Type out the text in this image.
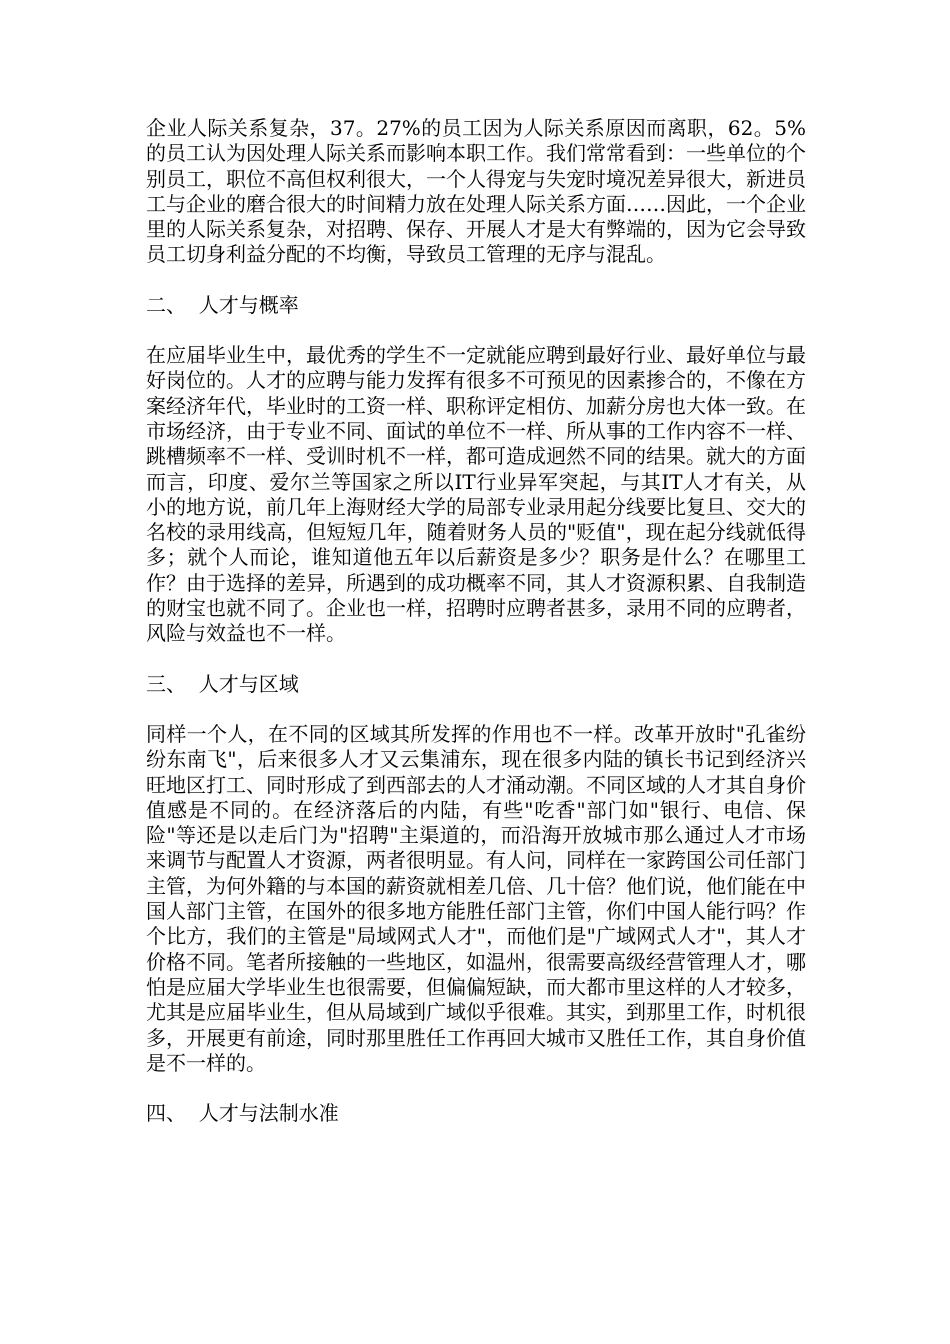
企业人际关系复杂，37。27%的员工因为人际关系原因而离职，62。5%的员工认为因处理人际关系而影响本职工作。我们常常看到：一些单位的个别员工，职位不高但权利很大，一个人得宠与失宠时境况差异很大，新进员工与企业的磨合很大的时间精力放在处理人际关系方面……因此，一个企业里的人际关系复杂，对招聘、保存、开展人才是大有弊端的，因为它会导致员工切身利益分配的不均衡，导致员工管理的无序与混乱。

二、  人才与概率

在应届毕业生中，最优秀的学生不一定就能应聘到最好行业、最好单位与最好岗位的。人才的应聘与能力发挥有很多不可预见的因素掺合的，不像在方案经济年代，毕业时的工资一样、职称评定相仿、加薪分房也大体一致。在市场经济，由于专业不同、面试的单位不一样、所从事的工作内容不一样、跳槽频率不一样、受训时机不一样，都可造成迥然不同的结果。就大的方面而言，印度、爱尔兰等国家之所以IT行业异军突起，与其IT人才有关，从小的地方说，前几年上海财经大学的局部专业录用起分线要比复旦、交大的名校的录用线高，但短短几年，随着财务人员的"贬值"，现在起分线就低得多；就个人而论，谁知道他五年以后薪资是多少？职务是什么？在哪里工作？由于选择的差异，所遇到的成功概率不同，其人才资源积累、自我制造的财宝也就不同了。企业也一样，招聘时应聘者甚多，录用不同的应聘者，风险与效益也不一样。

三、  人才与区域

同样一个人，在不同的区域其所发挥的作用也不一样。改革开放时"孔雀纷纷东南飞"，后来很多人才又云集浦东，现在很多内陆的镇长书记到经济兴旺地区打工、同时形成了到西部去的人才涌动潮。不同区域的人才其自身价值感是不同的。在经济落后的内陆，有些"吃香"部门如"银行、电信、保险"等还是以走后门为"招聘"主渠道的，而沿海开放城市那么通过人才市场来调节与配置人才资源，两者很明显。有人问，同样在一家跨国公司任部门主管，为何外籍的与本国的薪资就相差几倍、几十倍？他们说，他们能在中国人部门主管，在国外的很多地方能胜任部门主管，你们中国人能行吗？作个比方，我们的主管是"局域网式人才"，而他们是"广域网式人才"，其人才价格不同。笔者所接触的一些地区，如温州，很需要高级经营管理人才，哪怕是应届大学毕业生也很需要，但偏偏短缺，而大都市里这样的人才较多，尤其是应届毕业生，但从局域到广域似乎很难。其实，到那里工作，时机很多，开展更有前途，同时那里胜任工作再回大城市又胜任工作，其自身价值是不一样的。

四、  人才与法制水准
